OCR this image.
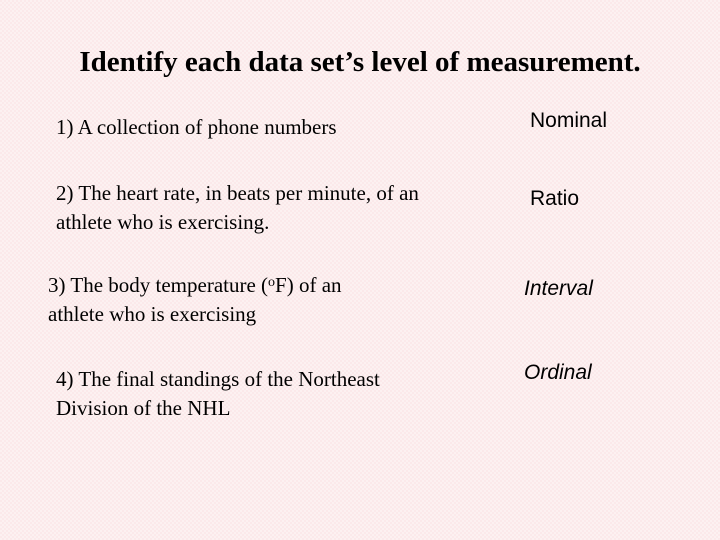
Identify each data set’s level of measurement.
1) A collection of phone numbers	Nominal
2) The heart rate, in beats per minute, of an
athlete who is exercising.
Ratio
3) The body temperature ($^o$F) of an
athlete who is exercising
Interval
4) The final standings of the Northeast
Division of the NHL
Ordinal
